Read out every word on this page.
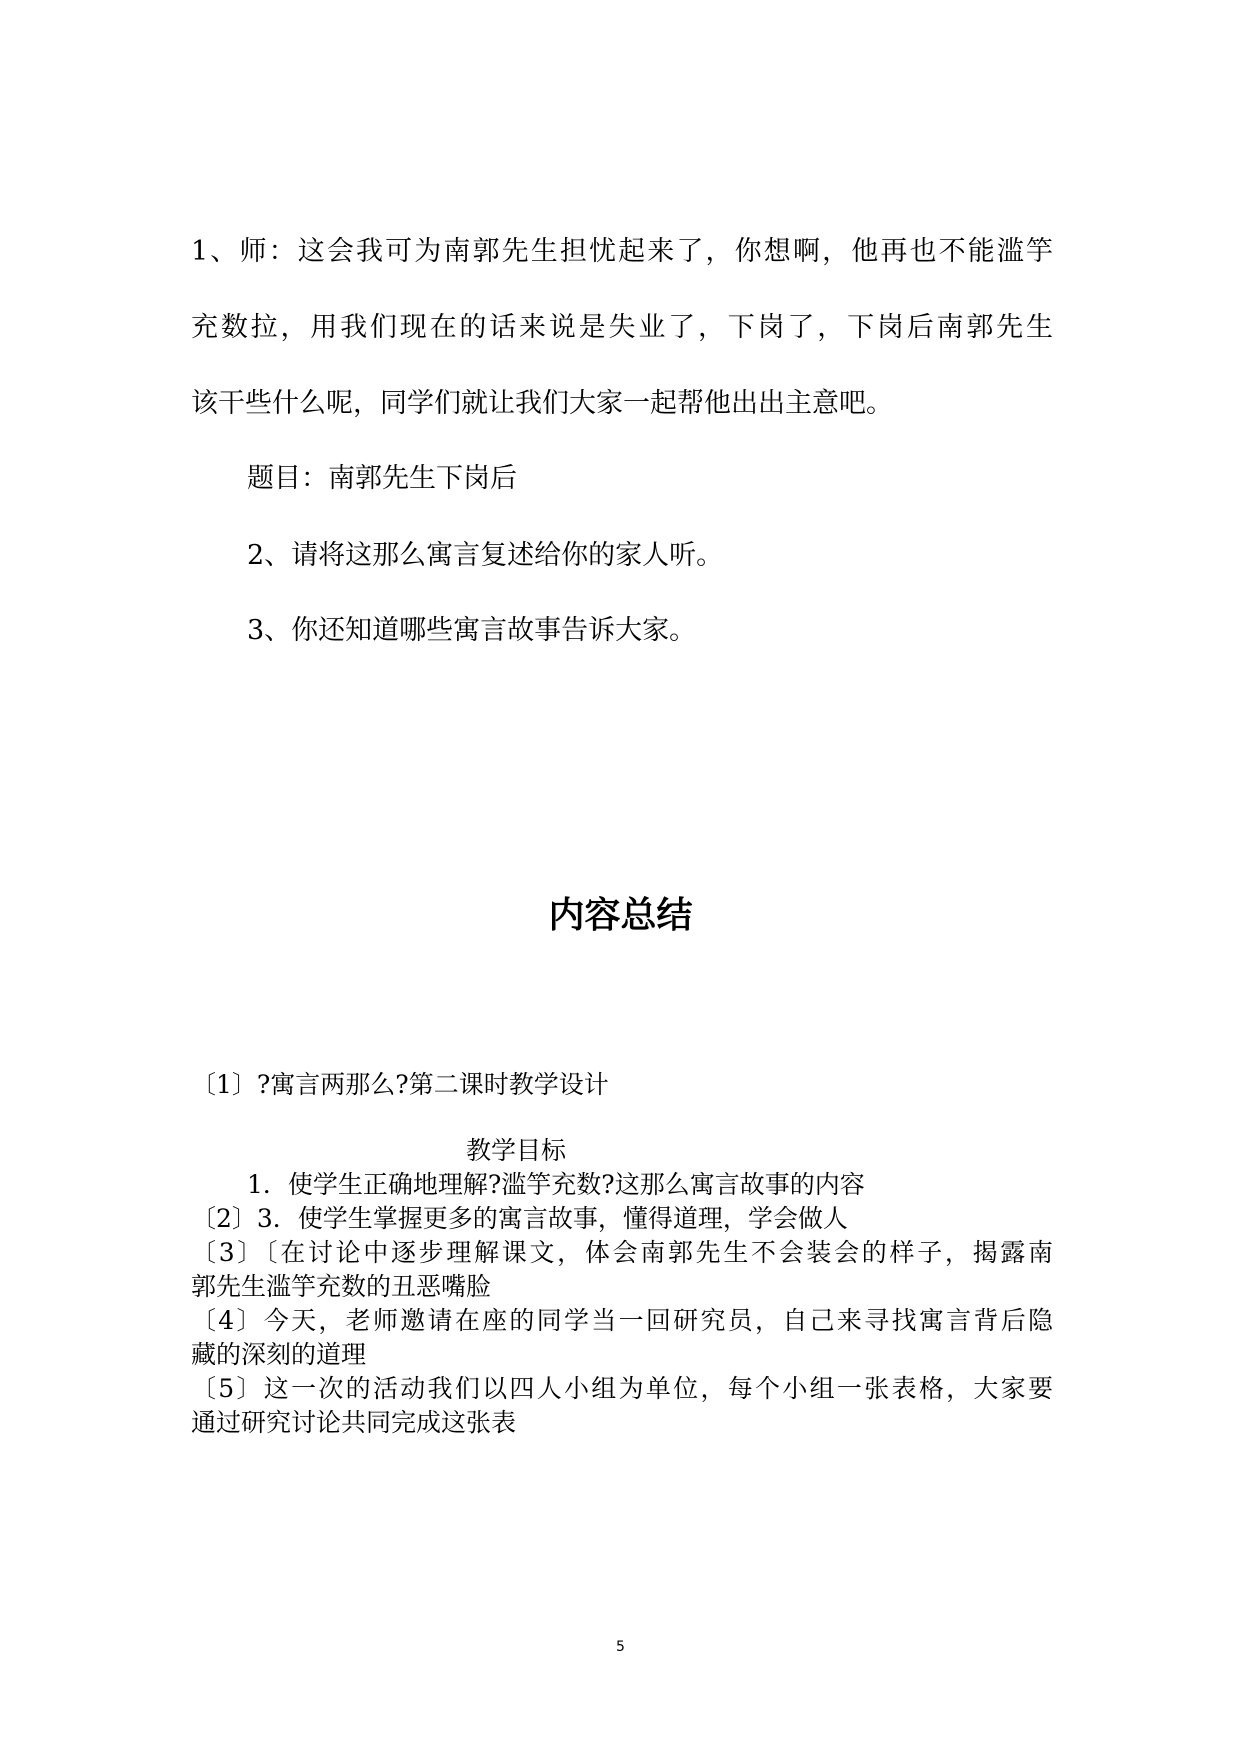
1、师：这会我可为南郭先生担忧起来了，你想啊，他再也不能滥竽

充数拉，用我们现在的话来说是失业了，下岗了，下岗后南郭先生

该干些什么呢，同学们就让我们大家一起帮他出出主意吧。

题目：南郭先生下岗后

2、请将这那么寓言复述给你的家人听。

3、你还知道哪些寓言故事告诉大家。

内容总结

〔1〕?寓言两那么?第二课时教学设计

教学目标

1．使学生正确地理解?滥竽充数?这那么寓言故事的内容

〔2〕3．使学生掌握更多的寓言故事，懂得道理，学会做人

〔3〕〔在讨论中逐步理解课文，体会南郭先生不会装会的样子，揭露南

郭先生滥竽充数的丑恶嘴脸

〔4〕今天，老师邀请在座的同学当一回研究员，自己来寻找寓言背后隐

藏的深刻的道理

〔5〕这一次的活动我们以四人小组为单位，每个小组一张表格，大家要

通过研究讨论共同完成这张表

5
